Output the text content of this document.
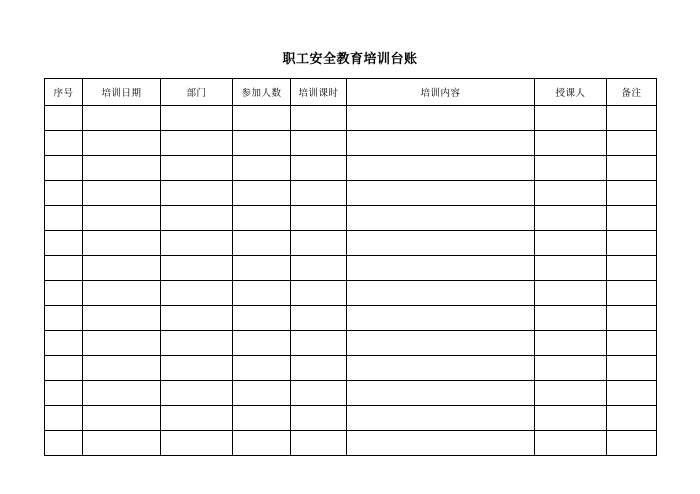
职工安全教育培训台账
序号	培训日期	部门	参加人数	培训课时	培训内容	授课人	备注
